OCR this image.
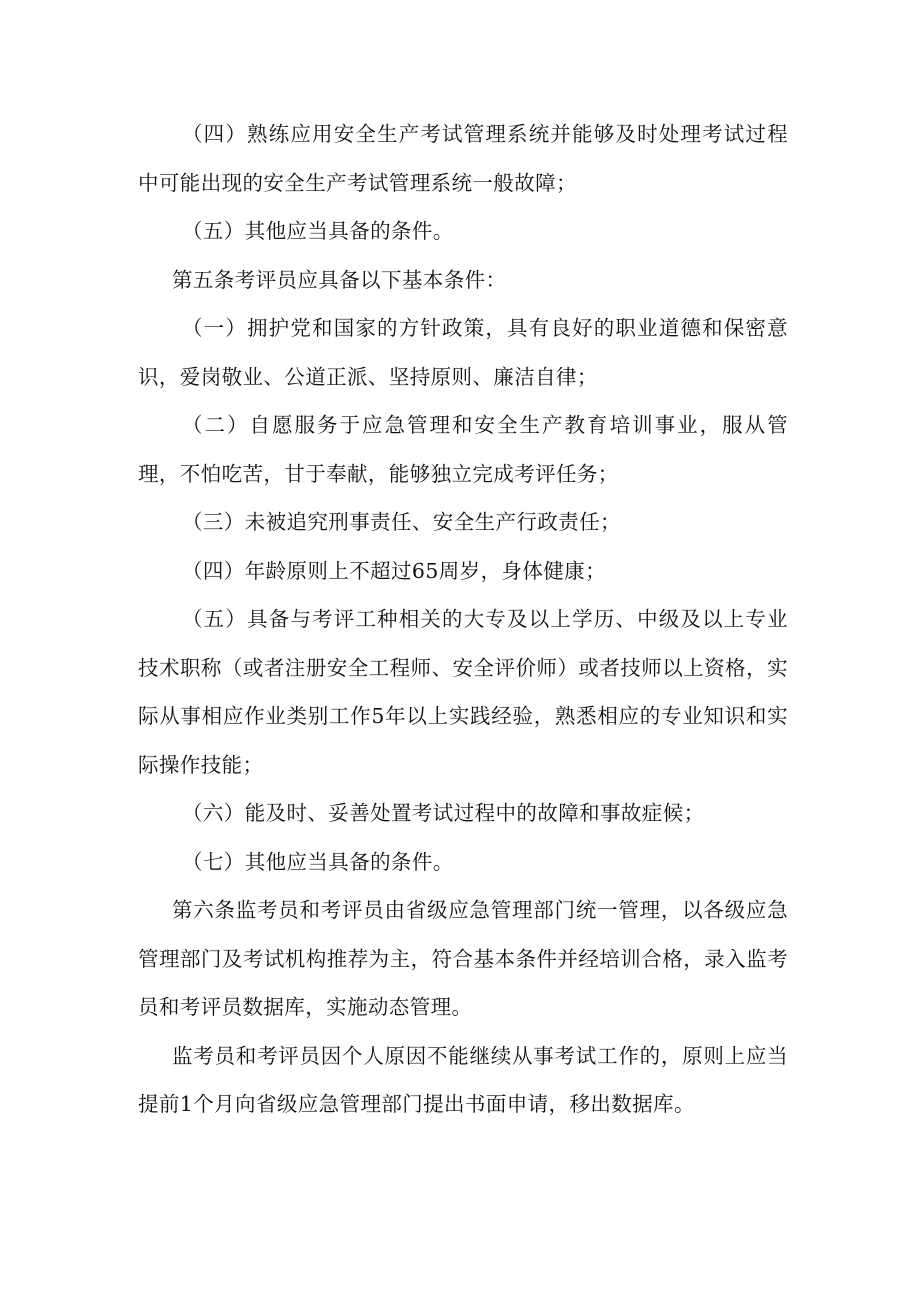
（四）熟练应用安全生产考试管理系统并能够及时处理考试过程中可能出现的安全生产考试管理系统一般故障；

（五）其他应当具备的条件。

第五条考评员应具备以下基本条件：

（一）拥护党和国家的方针政策，具有良好的职业道德和保密意识，爱岗敬业、公道正派、坚持原则、廉洁自律；

（二）自愿服务于应急管理和安全生产教育培训事业，服从管理，不怕吃苦，甘于奉献，能够独立完成考评任务；

（三）未被追究刑事责任、安全生产行政责任；

（四）年龄原则上不超过65周岁，身体健康；

（五）具备与考评工种相关的大专及以上学历、中级及以上专业技术职称（或者注册安全工程师、安全评价师）或者技师以上资格，实际从事相应作业类别工作5年以上实践经验，熟悉相应的专业知识和实际操作技能；

（六）能及时、妥善处置考试过程中的故障和事故症候；

（七）其他应当具备的条件。

第六条监考员和考评员由省级应急管理部门统一管理，以各级应急管理部门及考试机构推荐为主，符合基本条件并经培训合格，录入监考员和考评员数据库，实施动态管理。

监考员和考评员因个人原因不能继续从事考试工作的，原则上应当提前1个月向省级应急管理部门提出书面申请，移出数据库。
